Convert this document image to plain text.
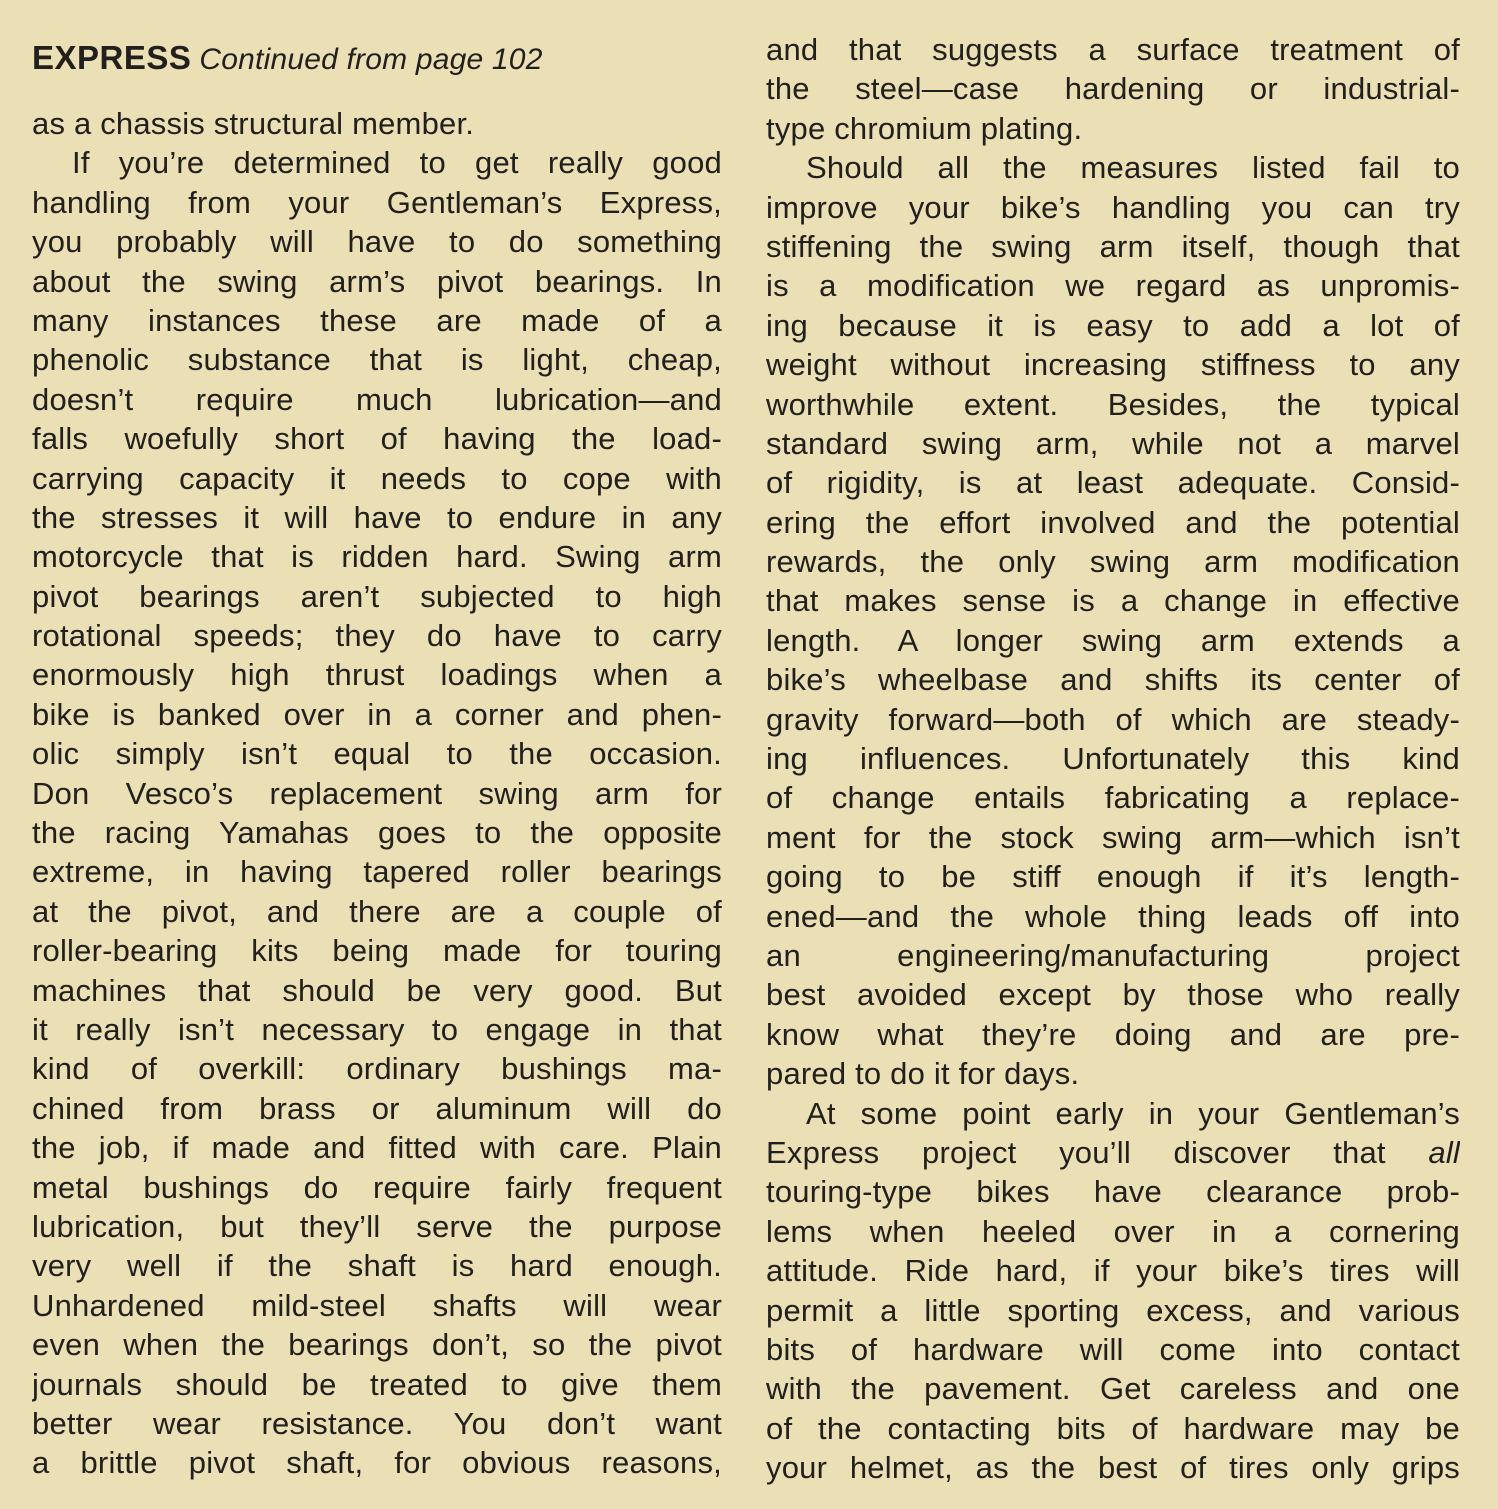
EXPRESS Continued from page 102
as a chassis structural member.
If you’re determined to get really good
handling from your Gentleman’s Express,
you probably will have to do something
about the swing arm’s pivot bearings. In
many instances these are made of a
phenolic substance that is light, cheap,
doesn’t require much lubrication—and
falls woefully short of having the load-
carrying capacity it needs to cope with
the stresses it will have to endure in any
motorcycle that is ridden hard. Swing arm
pivot bearings aren’t subjected to high
rotational speeds; they do have to carry
enormously high thrust loadings when a
bike is banked over in a corner and phen-
olic simply isn’t equal to the occasion.
Don Vesco’s replacement swing arm for
the racing Yamahas goes to the opposite
extreme, in having tapered roller bearings
at the pivot, and there are a couple of
roller-bearing kits being made for touring
machines that should be very good. But
it really isn’t necessary to engage in that
kind of overkill: ordinary bushings ma-
chined from brass or aluminum will do
the job, if made and fitted with care. Plain
metal bushings do require fairly frequent
lubrication, but they’ll serve the purpose
very well if the shaft is hard enough.
Unhardened mild-steel shafts will wear
even when the bearings don’t, so the pivot
journals should be treated to give them
better wear resistance. You don’t want
a brittle pivot shaft, for obvious reasons,
and that suggests a surface treatment of
the steel—case hardening or industrial-
type chromium plating.
Should all the measures listed fail to
improve your bike’s handling you can try
stiffening the swing arm itself, though that
is a modification we regard as unpromis-
ing because it is easy to add a lot of
weight without increasing stiffness to any
worthwhile extent. Besides, the typical
standard swing arm, while not a marvel
of rigidity, is at least adequate. Consid-
ering the effort involved and the potential
rewards, the only swing arm modification
that makes sense is a change in effective
length. A longer swing arm extends a
bike’s wheelbase and shifts its center of
gravity forward—both of which are steady-
ing influences. Unfortunately this kind
of change entails fabricating a replace-
ment for the stock swing arm—which isn’t
going to be stiff enough if it’s length-
ened—and the whole thing leads off into
an engineering/manufacturing project
best avoided except by those who really
know what they’re doing and are pre-
pared to do it for days.
At some point early in your Gentleman’s
Express project you’ll discover that all
touring-type bikes have clearance prob-
lems when heeled over in a cornering
attitude. Ride hard, if your bike’s tires will
permit a little sporting excess, and various
bits of hardware will come into contact
with the pavement. Get careless and one
of the contacting bits of hardware may be
your helmet, as the best of tires only grips
